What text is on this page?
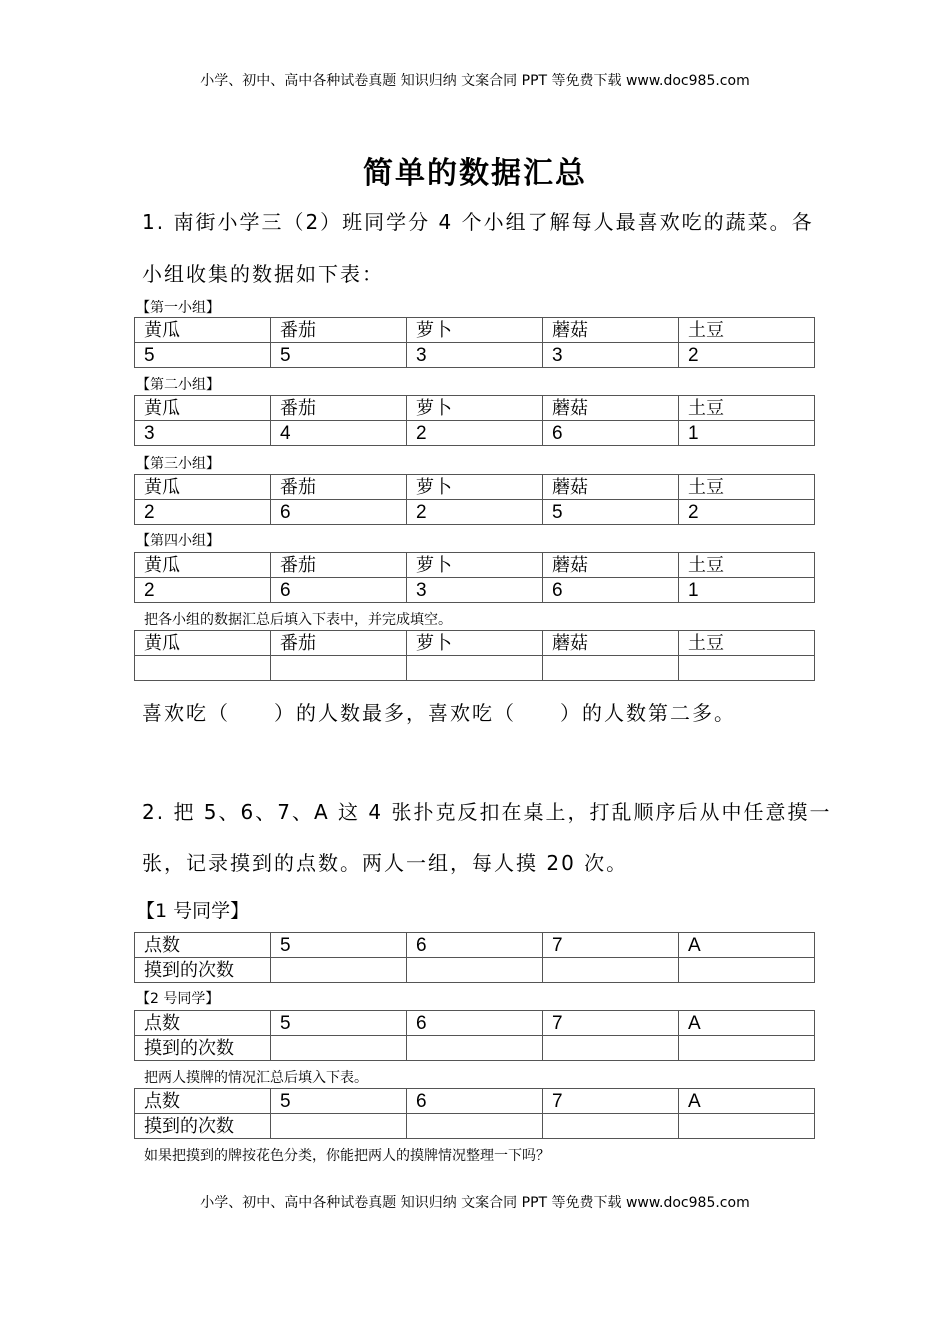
小学、初中、高中各种试卷真题 知识归纳 文案合同 PPT 等免费下载 www.doc985.com
简单的数据汇总
1. 南街小学三（2）班同学分 4 个小组了解每人最喜欢吃的蔬菜。各
小组收集的数据如下表：
【第一小组】
黄瓜	番茄	萝卜	蘑菇	土豆
5	5	3	3	2
【第二小组】
黄瓜	番茄	萝卜	蘑菇	土豆
3	4	2	6	1
【第三小组】
黄瓜	番茄	萝卜	蘑菇	土豆
2	6	2	5	2
【第四小组】
黄瓜	番茄	萝卜	蘑菇	土豆
2	6	3	6	1
把各小组的数据汇总后填入下表中，并完成填空。
黄瓜	番茄	萝卜	蘑菇	土豆

喜欢吃（　　）的人数最多，喜欢吃（　　）的人数第二多。
2. 把 5、6、7、A 这 4 张扑克反扣在桌上，打乱顺序后从中任意摸一
张，记录摸到的点数。两人一组，每人摸 20 次。
【1 号同学】
点数	5	6	7	A
摸到的次数				
【2 号同学】
点数	5	6	7	A
摸到的次数				
把两人摸牌的情况汇总后填入下表。
点数	5	6	7	A
摸到的次数				
如果把摸到的牌按花色分类，你能把两人的摸牌情况整理一下吗？
小学、初中、高中各种试卷真题 知识归纳 文案合同 PPT 等免费下载 www.doc985.com
